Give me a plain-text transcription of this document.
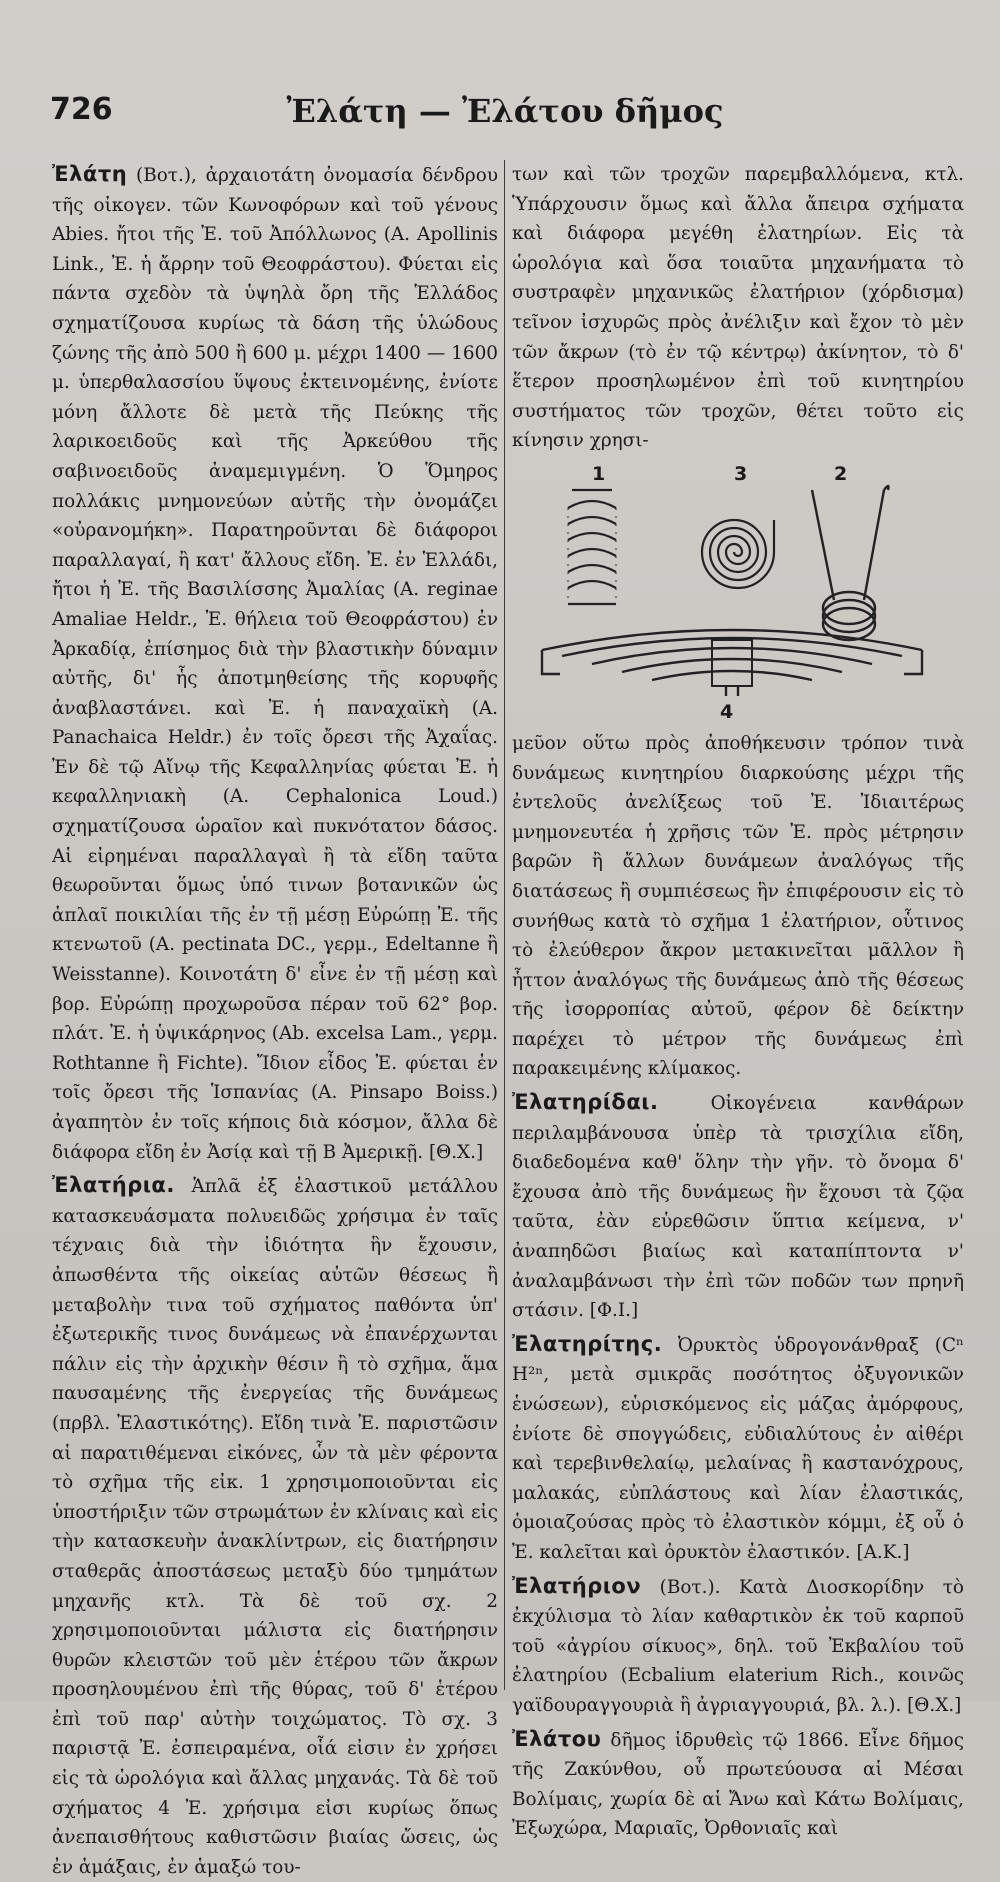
726	Ἐλάτη — Ἐλάτου δῆμος

Ἐλάτη (Βοτ.), ἀρχαιοτάτη ὀνομασία δένδρου τῆς οἰκογεν. τῶν Κωνοφόρων καὶ τοῦ γένους Abies. ἤτοι τῆς Ἐ. τοῦ Ἀπόλλωνος (A. Apollinis Link., Ἐ. ἡ ἄρρην τοῦ Θεοφράστου). Φύεται εἰς πάντα σχεδὸν τὰ ὑψηλὰ ὄρη τῆς Ἑλλάδος σχηματίζουσα κυρίως τὰ δάση τῆς ὑλώδους ζώνης τῆς ἀπὸ 500 ἢ 600 μ. μέχρι 1400 — 1600 μ. ὑπερθαλασσίου ὕψους ἐκτεινομένης, ἐνίοτε μόνη ἄλλοτε δὲ μετὰ τῆς Πεύκης τῆς λαρικοειδοῦς καὶ τῆς Ἀρκεύθου τῆς σαβινοειδοῦς ἀναμεμιγμένη. Ὁ Ὅμηρος πολλάκις μνημονεύων αὐτῆς τὴν ὀνομάζει «οὐρανομήκη». Παρατηροῦνται δὲ διάφοροι παραλλαγαί, ἢ κατ' ἄλλους εἴδη. Ἐ. ἐν Ἑλλάδι, ἤτοι ἡ Ἐ. τῆς Βασιλίσσης Ἀμαλίας (A. reginae Amaliae Heldr., Ἐ. θήλεια τοῦ Θεοφράστου) ἐν Ἀρκαδίᾳ, ἐπίσημος διὰ τὴν βλαστικὴν δύναμιν αὐτῆς, δι' ἧς ἀποτμηθείσης τῆς κορυφῆς ἀναβλαστάνει. καὶ Ἐ. ἡ παναχαϊκὴ (A. Panachaica Heldr.) ἐν τοῖς ὄρεσι τῆς Ἀχαΐας. Ἐν δὲ τῷ Αἴνῳ τῆς Κεφαλληνίας φύεται Ἐ. ἡ κεφαλληνιακὴ (A. Cephalonica Loud.) σχηματίζουσα ὡραῖον καὶ πυκνότατον δάσος. Αἱ εἰρημέναι παραλλαγαὶ ἢ τὰ εἴδη ταῦτα θεωροῦνται ὅμως ὑπό τινων βοτανικῶν ὡς ἁπλαῖ ποικιλίαι τῆς ἐν τῇ μέσῃ Εὐρώπῃ Ἐ. τῆς κτενωτοῦ (A. pectinata DC., γερμ., Edeltanne ἢ Weisstanne). Κοινοτάτη δ' εἶνε ἐν τῇ μέσῃ καὶ βορ. Εὐρώπῃ προχωροῦσα πέραν τοῦ 62° βορ. πλάτ. Ἐ. ἡ ὑψικάρηνος (Ab. excelsa Lam., γερμ. Rothtanne ἢ Fichte). Ἴδιον εἶδος Ἐ. φύεται ἐν τοῖς ὄρεσι τῆς Ἱσπανίας (A. Pinsapo Boiss.) ἀγαπητὸν ἐν τοῖς κήποις διὰ κόσμον, ἄλλα δὲ διάφορα εἴδη ἐν Ἀσίᾳ καὶ τῇ Β Ἀμερικῇ. [Θ.Χ.]

Ἐλατήρια. Ἁπλᾶ ἐξ ἐλαστικοῦ μετάλλου κατασκευάσματα πολυειδῶς χρήσιμα ἐν ταῖς τέχναις διὰ τὴν ἰδιότητα ἣν ἔχουσιν, ἀπωσθέντα τῆς οἰκείας αὐτῶν θέσεως ἢ μεταβολὴν τινα τοῦ σχήματος παθόντα ὑπ' ἐξωτερικῆς τινος δυνάμεως νὰ ἐπανέρχωνται πάλιν εἰς τὴν ἀρχικὴν θέσιν ἢ τὸ σχῆμα, ἅμα παυσαμένης τῆς ἐνεργείας τῆς δυνάμεως (πρβλ. Ἐλαστικότης). Εἴδη τινὰ Ἐ. παριστῶσιν αἱ παρατιθέμεναι εἰκόνες, ὧν τὰ μὲν φέροντα τὸ σχῆμα τῆς εἰκ. 1 χρησιμοποιοῦνται εἰς ὑποστήριξιν τῶν στρωμάτων ἐν κλίναις καὶ εἰς τὴν κατασκευὴν ἀνακλίντρων, εἰς διατήρησιν σταθερᾶς ἀποστάσεως μεταξὺ δύο τμημάτων μηχανῆς κτλ. Τὰ δὲ τοῦ σχ. 2 χρησιμοποιοῦνται μάλιστα εἰς διατήρησιν θυρῶν κλειστῶν τοῦ μὲν ἑτέρου τῶν ἄκρων προσηλουμένου ἐπὶ τῆς θύρας, τοῦ δ' ἑτέρου ἐπὶ τοῦ παρ' αὐτὴν τοιχώματος. Τὸ σχ. 3 παριστᾷ Ἐ. ἐσπειραμένα, οἷά εἰσιν ἐν χρήσει εἰς τὰ ὡρολόγια καὶ ἄλλας μηχανάς. Τὰ δὲ τοῦ σχήματος 4 Ἐ. χρήσιμα εἰσι κυρίως ὅπως ἀνεπαισθήτους καθιστῶσιν βιαίας ὤσεις, ὡς ἐν ἁμάξαις, ἐν ἁμαξώ του-

των καὶ τῶν τροχῶν παρεμβαλλόμενα, κτλ. Ὑπάρχουσιν ὅμως καὶ ἄλλα ἄπειρα σχήματα καὶ διάφορα μεγέθη ἐλατηρίων. Εἰς τὰ ὡρολόγια καὶ ὅσα τοιαῦτα μηχανήματα τὸ συστραφὲν μηχανικῶς ἐλατήριον (χόρδισμα) τεῖνον ἰσχυρῶς πρὸς ἀνέλιξιν καὶ ἔχον τὸ μὲν τῶν ἄκρων (τὸ ἐν τῷ κέντρῳ) ἀκίνητον, τὸ δ' ἕτερον προσηλωμένον ἐπὶ τοῦ κινητηρίου συστήματος τῶν τροχῶν, θέτει τοῦτο εἰς κίνησιν χρησι-

1	3	2
4

μεῦον οὕτω πρὸς ἀποθήκευσιν τρόπον τινὰ δυνάμεως κινητηρίου διαρκούσης μέχρι τῆς ἐντελοῦς ἀνελίξεως τοῦ Ἐ. Ἰδιαιτέρως μνημονευτέα ἡ χρῆσις τῶν Ἐ. πρὸς μέτρησιν βαρῶν ἢ ἄλλων δυνάμεων ἀναλόγως τῆς διατάσεως ἢ συμπιέσεως ἣν ἐπιφέρουσιν εἰς τὸ συνήθως κατὰ τὸ σχῆμα 1 ἐλατήριον, οὗτινος τὸ ἐλεύθερον ἄκρον μετακινεῖται μᾶλλον ἢ ἧττον ἀναλόγως τῆς δυνάμεως ἀπὸ τῆς θέσεως τῆς ἰσορροπίας αὐτοῦ, φέρον δὲ δείκτην παρέχει τὸ μέτρον τῆς δυνάμεως ἐπὶ παρακειμένης κλίμακος.

Ἐλατηρίδαι.	Οἰκογένεια κανθάρων περιλαμβάνουσα ὑπὲρ τὰ τρισχίλια εἴδη, διαδεδομένα καθ' ὅλην τὴν γῆν. τὸ ὄνομα δ' ἔχουσα ἀπὸ τῆς δυνάμεως ἣν ἔχουσι τὰ ζῷα ταῦτα, ἐὰν εὑρεθῶσιν ὕπτια κείμενα, ν' ἀναπηδῶσι βιαίως καὶ καταπίπτοντα ν' ἀναλαμβάνωσι τὴν ἐπὶ τῶν ποδῶν των πρηνῆ στάσιν. [Φ.Ι.]

Ἐλατηρίτης. Ὀρυκτὸς ὑδρογονάνθραξ (Cⁿ H²ⁿ, μετὰ σμικρᾶς ποσότητος ὀξυγονικῶν ἑνώσεων), εὑρισκόμενος εἰς μάζας ἀμόρφους, ἐνίοτε δὲ σπογγώδεις, εὐδιαλύτους ἐν αἰθέρι καὶ τερεβινθελαίῳ, μελαίνας ἢ καστανόχρους, μαλακάς, εὐπλάστους καὶ λίαν ἐλαστικάς, ὁμοιαζούσας πρὸς τὸ ἐλαστικὸν κόμμι, ἐξ οὗ ὁ Ἐ. καλεῖται καὶ ὀρυκτὸν ἐλαστικόν. [Α.Κ.]

Ἐλατήριον (Βοτ.). Κατὰ Διοσκορίδην τὸ ἐκχύλισμα τὸ λίαν καθαρτικὸν ἐκ τοῦ καρποῦ τοῦ «ἀγρίου σίκυος», δηλ. τοῦ Ἐκβαλίου τοῦ ἐλατηρίου (Ecbalium elaterium Rich., κοινῶς γαϊδουραγγουριὰ ἢ ἀγριαγγουριά, βλ. λ.). [Θ.Χ.]

Ἐλάτου δῆμος ἱδρυθεὶς τῷ 1866. Εἶνε δῆμος τῆς Ζακύνθου, οὗ πρωτεύουσα αἱ Μέσαι Βολίμαις, χωρία δὲ αἱ Ἄνω καὶ Κάτω Βολίμαις, Ἐξωχώρα, Μαριαῖς, Ὀρθονιαῖς καὶ
